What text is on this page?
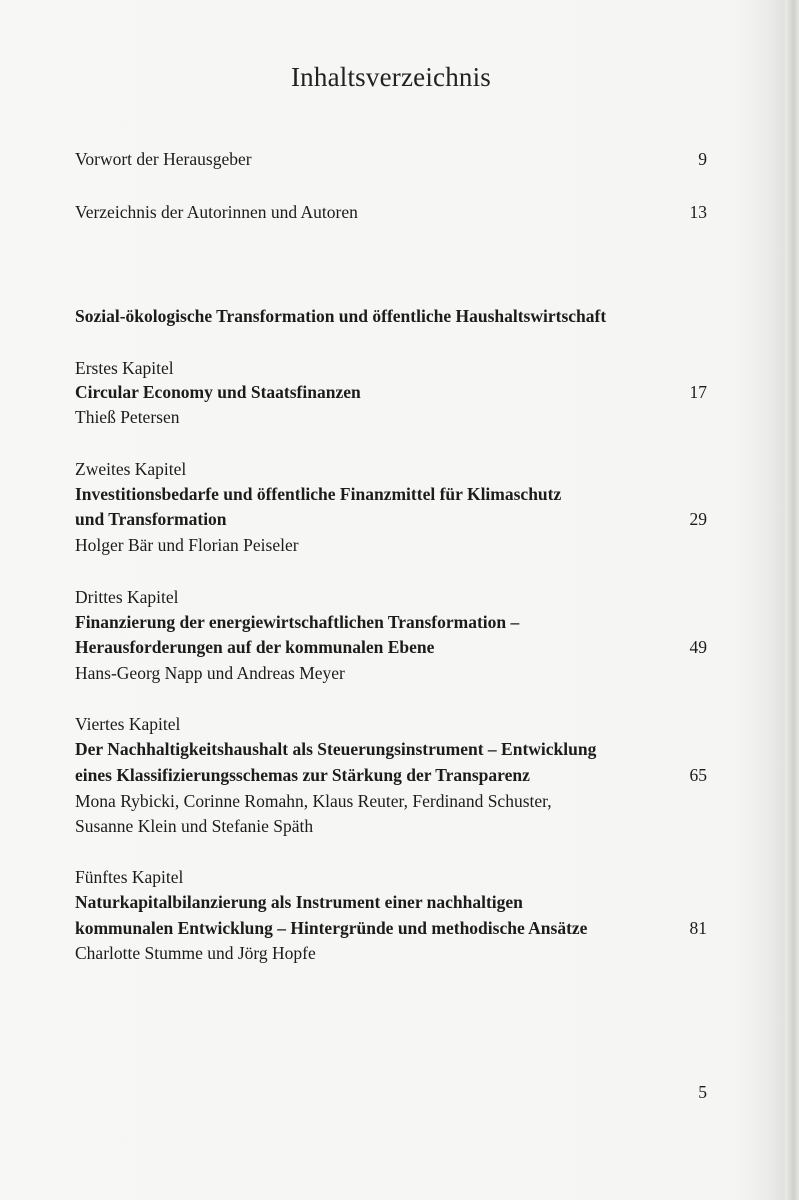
Inhaltsverzeichnis
Vorwort der Herausgeber	9
Verzeichnis der Autorinnen und Autoren	13
Sozial-ökologische Transformation und öffentliche Haushaltswirtschaft
Erstes Kapitel
Circular Economy und Staatsfinanzen	17
Thieß Petersen
Zweites Kapitel
Investitionsbedarfe und öffentliche Finanzmittel für Klimaschutz
und Transformation	29
Holger Bär und Florian Peiseler
Drittes Kapitel
Finanzierung der energiewirtschaftlichen Transformation –
Herausforderungen auf der kommunalen Ebene	49
Hans-Georg Napp und Andreas Meyer
Viertes Kapitel
Der Nachhaltigkeitshaushalt als Steuerungsinstrument – Entwicklung
eines Klassifizierungsschemas zur Stärkung der Transparenz	65
Mona Rybicki, Corinne Romahn, Klaus Reuter, Ferdinand Schuster,
Susanne Klein und Stefanie Späth
Fünftes Kapitel
Naturkapitalbilanzierung als Instrument einer nachhaltigen
kommunalen Entwicklung – Hintergründe und methodische Ansätze	81
Charlotte Stumme und Jörg Hopfe
5
